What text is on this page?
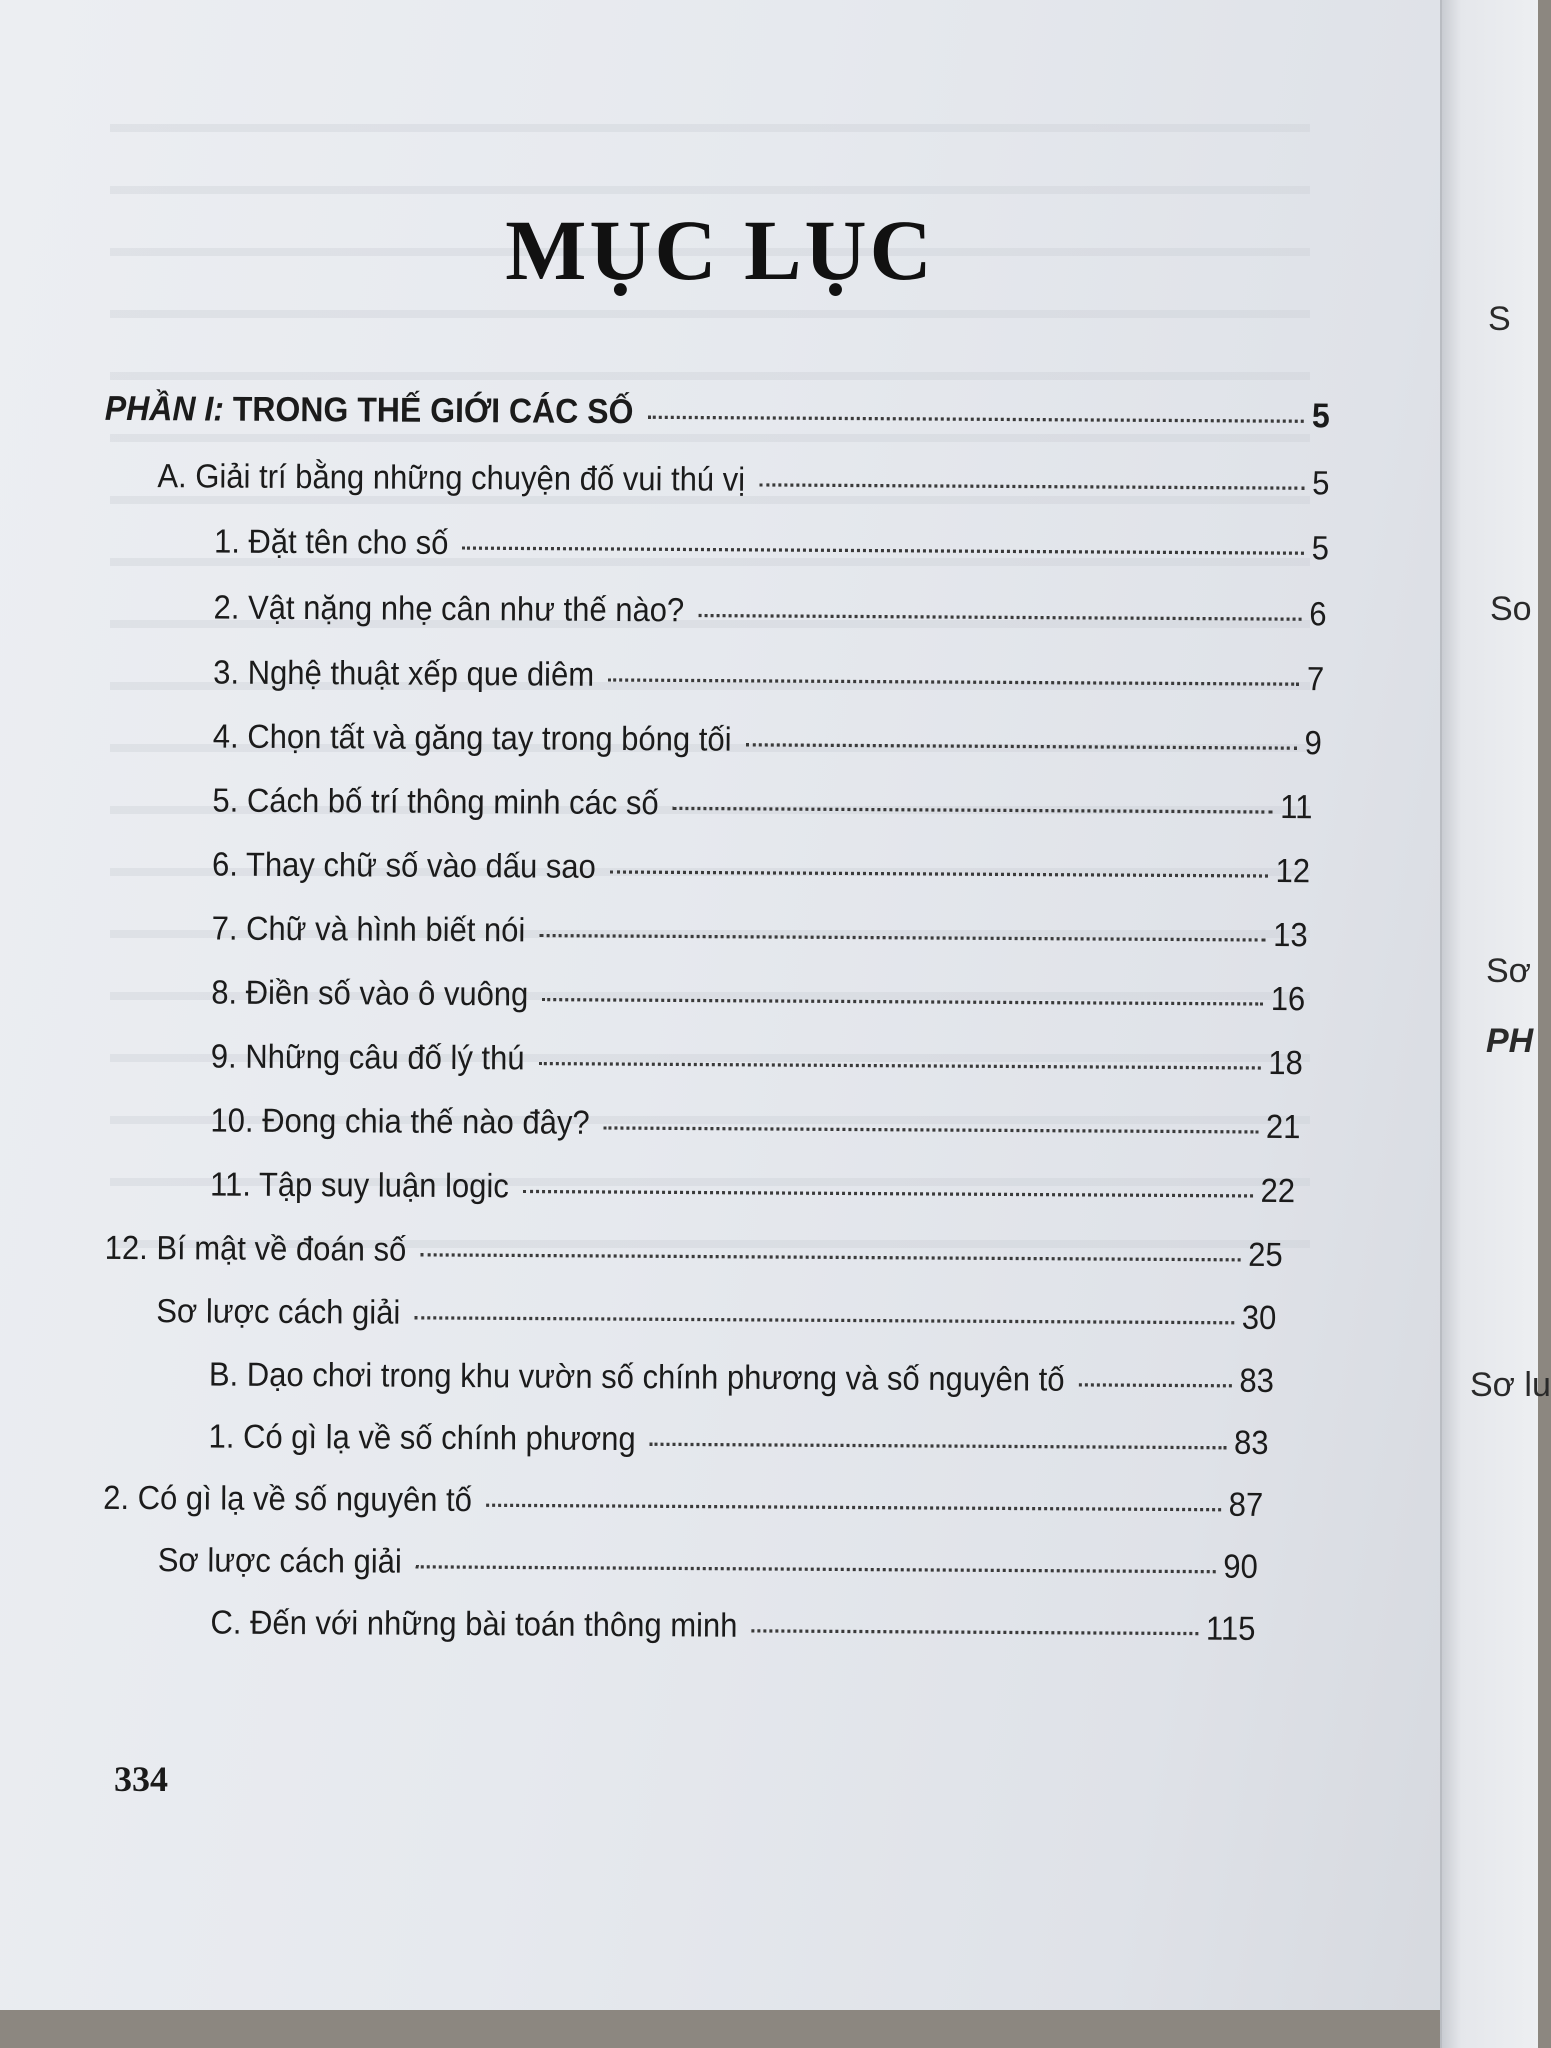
MỤC LỤC
PHẦN I: TRONG THẾ GIỚI CÁC SỐ	5
A. Giải trí bằng những chuyện đố vui thú vị	5
1. Đặt tên cho số	5
2. Vật nặng nhẹ cân như thế nào?	6
3. Nghệ thuật xếp que diêm	7
4. Chọn tất và găng tay trong bóng tối	9
5. Cách bố trí thông minh các số	11
6. Thay chữ số vào dấu sao	12
7. Chữ và hình biết nói	13
8. Điền số vào ô vuông	16
9. Những câu đố lý thú	18
10. Đong chia thế nào đây?	21
11. Tập suy luận logic	22
12. Bí mật về đoán số	25
Sơ lược cách giải	30
B. Dạo chơi trong khu vườn số chính phương và số nguyên tố	83
1. Có gì lạ về số chính phương	83
2. Có gì lạ về số nguyên tố	87
Sơ lược cách giải	90
C. Đến với những bài toán thông minh	115
334
S
So
Sơ
PH
Sơ lu
